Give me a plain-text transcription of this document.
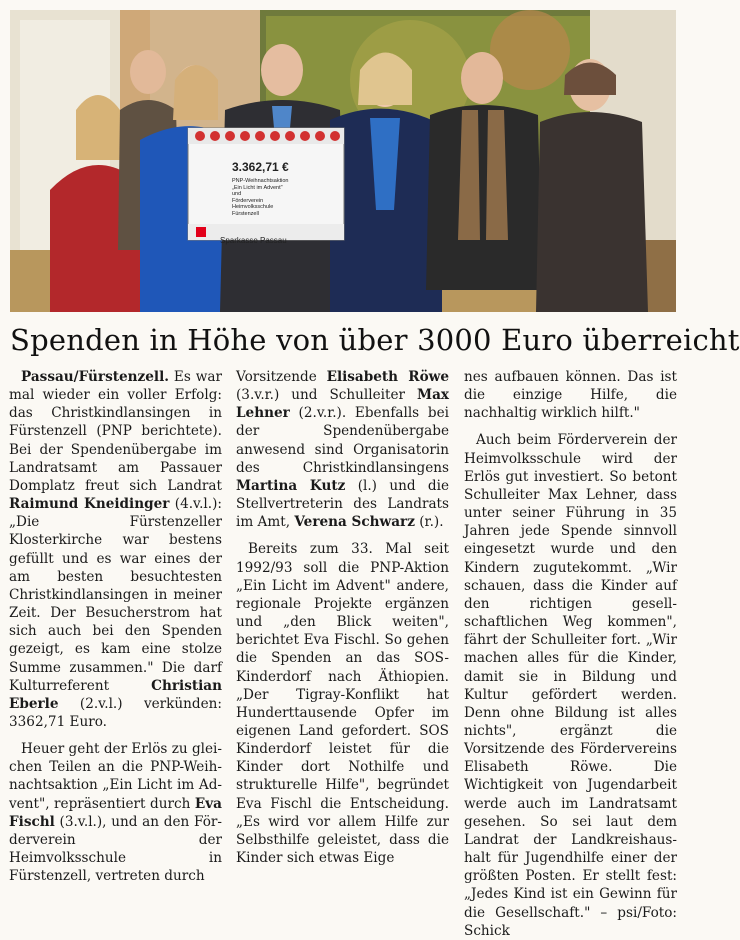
3.362,71 €
PNP-Weihnachtsaktion
„Ein Licht im Advent"
und
Förderverein
Heimvolksschule
Fürstenzell
Sparkasse Passau
Spenden in Höhe von über 3000 Euro überreicht

Passau/Fürstenzell. Es war mal wieder ein voller Erfolg: das Christkindlansingen in Fürstenzell (PNP berichtete). Bei der Spendenübergabe im Landratsamt am Passauer Domplatz freut sich Landrat Raimund Kneidinger (4.v.l.): „Die Fürstenzeller Klosterkirche war bestens gefüllt und es war eines der am besten besuchtesten Christkindlansingen in meiner Zeit. Der Besucherstrom hat sich auch bei den Spenden gezeigt, es kam eine stolze Summe zusammen." Die darf Kulturreferent Christian Eberle (2.v.l.) verkünden: 3362,71 Euro.

Heuer geht der Erlös zu gleichen Teilen an die PNP-Weihnachtsaktion „Ein Licht im Advent", repräsentiert durch Eva Fischl (3.v.l.), und an den Förderverein der Heimvolksschule in Fürstenzell, vertreten durch

Vorsitzende Elisabeth Röwe (3.v.r.) und Schulleiter Max Lehner (2.v.r.). Ebenfalls bei der Spendenübergabe anwesend sind Organisatorin des Christkindlansingens Martina Kutz (l.) und die Stellvertreterin des Landrats im Amt, Verena Schwarz (r.).

Bereits zum 33. Mal seit 1992/93 soll die PNP-Aktion „Ein Licht im Advent" andere, regionale Projekte ergänzen und „den Blick weiten", berichtet Eva Fischl. So gehen die Spenden an das SOS-Kinderdorf nach Äthiopien. „Der Tigray-Konflikt hat Hunderttausende Opfer im eigenen Land gefordert. SOS Kinderdorf leistet für die Kinder dort Nothilfe und strukturelle Hilfe", begründet Eva Fischl die Entscheidung. „Es wird vor allem Hilfe zur Selbsthilfe geleistet, dass die Kinder sich etwas Eige

nes aufbauen können. Das ist die einzige Hilfe, die nachhaltig wirklich hilft."

Auch beim Förderverein der Heimvolksschule wird der Erlös gut investiert. So betont Schulleiter Max Lehner, dass unter seiner Führung in 35 Jahren jede Spende sinnvoll eingesetzt wurde und den Kindern zugutekommt. „Wir schauen, dass die Kinder auf den richtigen gesellschaftlichen Weg kommen", fährt der Schulleiter fort. „Wir machen alles für die Kinder, damit sie in Bildung und Kultur gefördert werden. Denn ohne Bildung ist alles nichts", ergänzt die Vorsitzende des Fördervereins Elisabeth Röwe. Die Wichtigkeit von Jugendarbeit werde auch im Landratsamt gesehen. So sei laut dem Landrat der Landkreishaushalt für Jugendhilfe einer der größten Posten. Er stellt fest: „Jedes Kind ist ein Gewinn für die Gesellschaft." – psi/Foto: Schick
